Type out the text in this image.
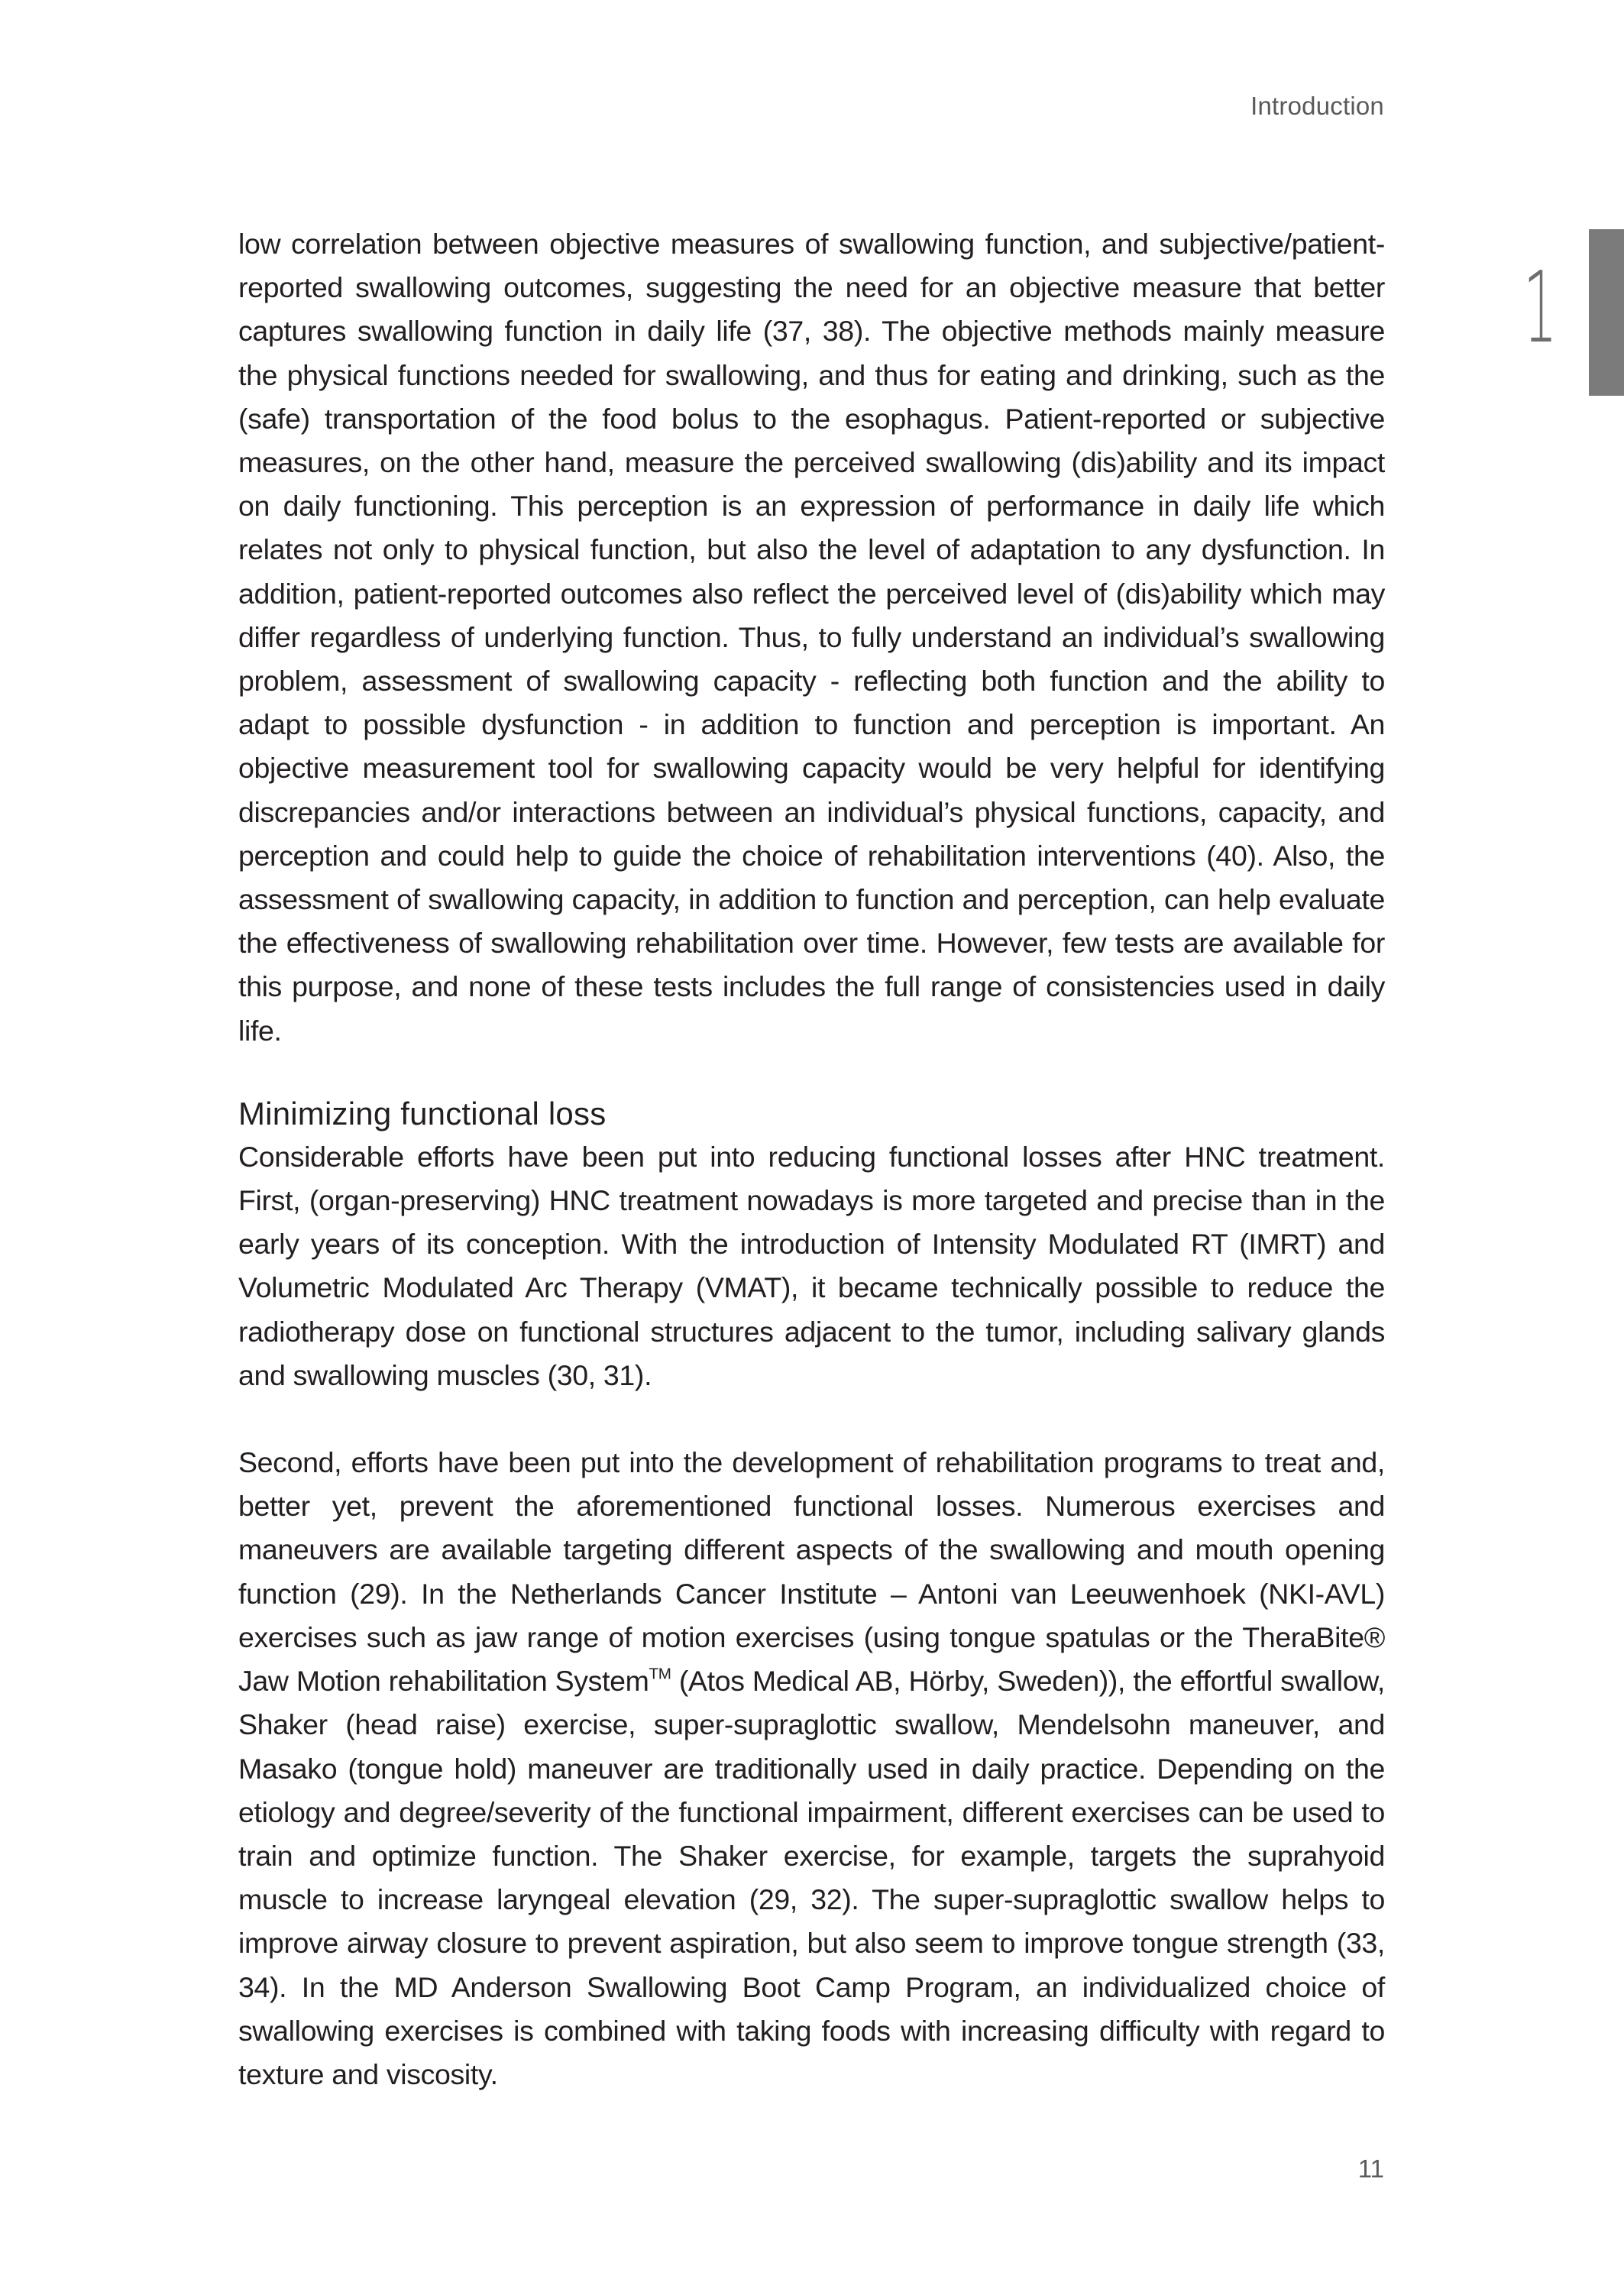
Introduction
1

low correlation between objective measures of swallowing function, and subjective/patient-reported swallowing outcomes, suggesting the need for an objective measure that better captures swallowing function in daily life (37, 38). The objective methods mainly measure the physical functions needed for swallowing, and thus for eating and drinking, such as the (safe) transportation of the food bolus to the esophagus. Patient-reported or subjective measures, on the other hand, measure the perceived swallowing (dis)ability and its impact on daily functioning. This perception is an expression of performance in daily life which relates not only to physical function, but also the level of adaptation to any dysfunction. In addition, patient-reported outcomes also reflect the perceived level of (dis)ability which may differ regardless of underlying function. Thus, to fully understand an individual’s swallowing problem, assessment of swallowing capacity - reflecting both function and the ability to adapt to possible dysfunction - in addition to function and perception is important. An objective measurement tool for swallowing capacity would be very helpful for identifying discrepancies and/or interactions between an individual’s physical functions, capacity, and perception and could help to guide the choice of rehabilitation interventions (40). Also, the assessment of swallowing capacity, in addition to function and perception, can help evaluate the effectiveness of swallowing rehabilitation over time. However, few tests are available for this purpose, and none of these tests includes the full range of consistencies used in daily life.

Minimizing functional loss

Considerable efforts have been put into reducing functional losses after HNC treatment. First, (organ-preserving) HNC treatment nowadays is more targeted and precise than in the early years of its conception. With the introduction of Intensity Modulated RT (IMRT) and Volumetric Modulated Arc Therapy (VMAT), it became technically possible to reduce the radiotherapy dose on functional structures adjacent to the tumor, including salivary glands and swallowing muscles (30, 31).

Second, efforts have been put into the development of rehabilitation programs to treat and, better yet, prevent the aforementioned functional losses. Numerous exercises and maneuvers are available targeting different aspects of the swallowing and mouth opening function (29). In the Netherlands Cancer Institute – Antoni van Leeuwenhoek (NKI-AVL) exercises such as jaw range of motion exercises (using tongue spatulas or the TheraBite® Jaw Motion rehabilitation System™ (Atos Medical AB, Hörby, Sweden)), the effortful swallow, Shaker (head raise) exercise, super-supraglottic swallow, Mendelsohn maneuver, and Masako (tongue hold) maneuver are traditionally used in daily practice. Depending on the etiology and degree/severity of the functional impairment, different exercises can be used to train and optimize function. The Shaker exercise, for example, targets the suprahyoid muscle to increase laryngeal elevation (29, 32). The super-supraglottic swallow helps to improve airway closure to prevent aspiration, but also seem to improve tongue strength (33, 34). In the MD Anderson Swallowing Boot Camp Program, an individualized choice of swallowing exercises is combined with taking foods with increasing difficulty with regard to texture and viscosity.

11
